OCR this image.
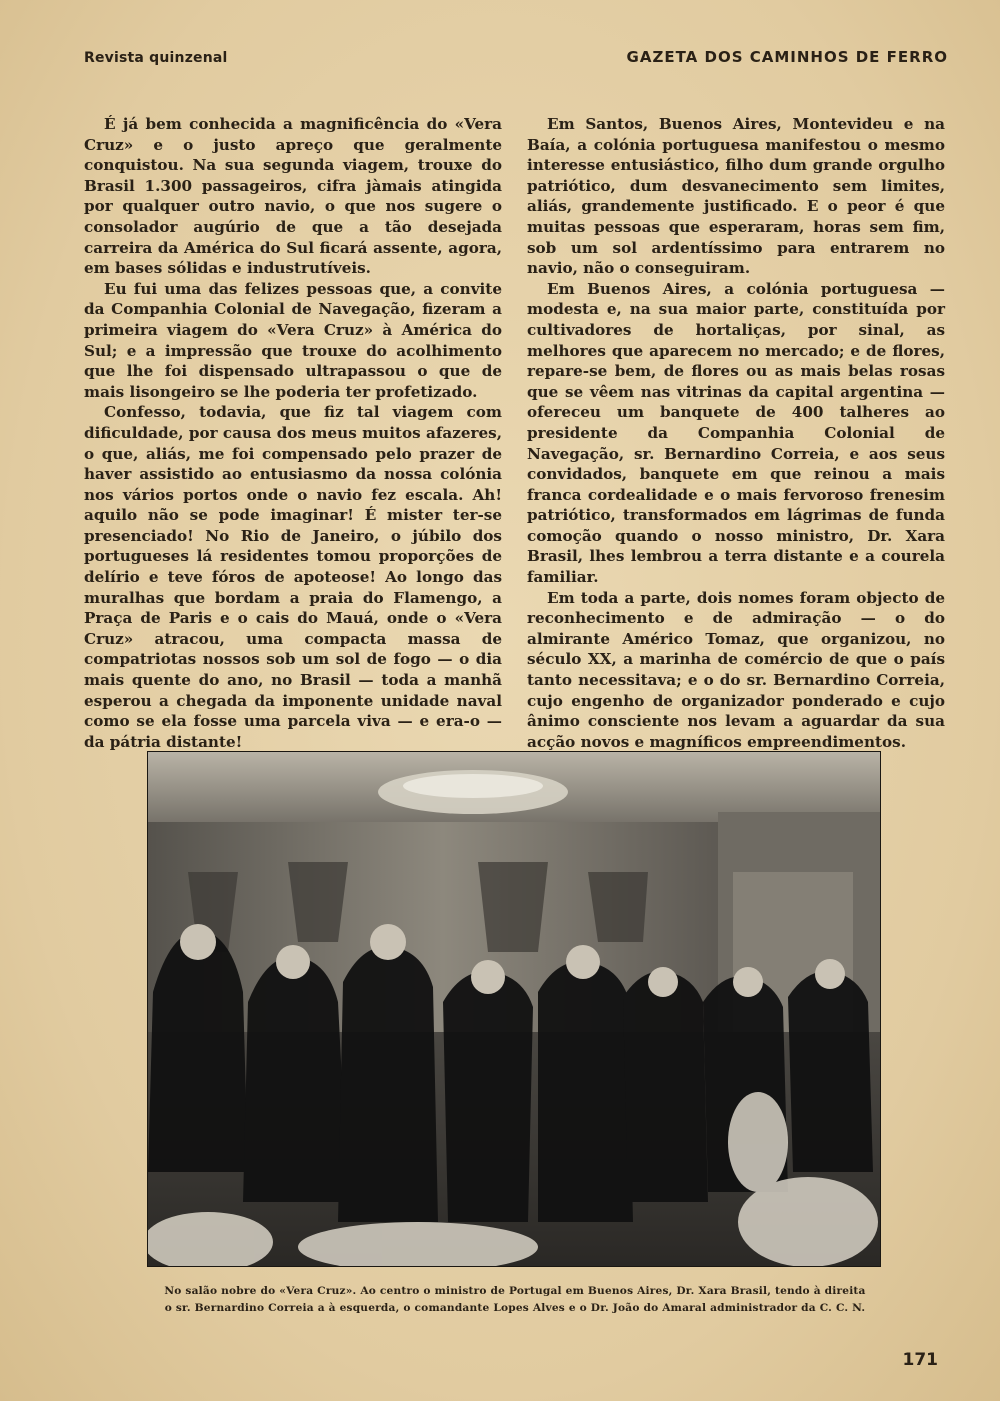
Revista quinzenal	GAZETA DOS CAMINHOS DE FERRO

É já bem conhecida a magnificência do «Vera Cruz» e o justo apreço que geralmente conquistou. Na sua segunda viagem, trouxe do Brasil 1.300 passageiros, cifra jàmais atingida por qualquer outro navio, o que nos sugere o consolador augúrio de que a tão desejada carreira da América do Sul ficará assente, agora, em bases sólidas e industrutíveis.

Eu fui uma das felizes pessoas que, a convite da Companhia Colonial de Navegação, fizeram a primeira viagem do «Vera Cruz» à América do Sul; e a impressão que trouxe do acolhimento que lhe foi dispensado ultrapassou o que de mais lisongeiro se lhe poderia ter profetizado.

Confesso, todavia, que fiz tal viagem com dificuldade, por causa dos meus muitos afazeres, o que, aliás, me foi compensado pelo prazer de haver assistido ao entusiasmo da nossa colónia nos vários portos onde o navio fez escala. Ah! aquilo não se pode imaginar! É mister ter-se presenciado! No Rio de Janeiro, o júbilo dos portugueses lá residentes tomou proporções de delírio e teve fóros de apoteose! Ao longo das muralhas que bordam a praia do Flamengo, a Praça de Paris e o cais do Mauá, onde o «Vera Cruz» atracou, uma compacta massa de compatriotas nossos sob um sol de fogo — o dia mais quente do ano, no Brasil — toda a manhã esperou a chegada da imponente unidade naval como se ela fosse uma parcela viva — e era-o — da pátria distante!

Em Santos, Buenos Aires, Montevideu e na Baía, a colónia portuguesa manifestou o mesmo interesse entusiástico, filho dum grande orgulho patriótico, dum desvanecimento sem limites, aliás, grandemente justificado. E o peor é que muitas pessoas que esperaram, horas sem fim, sob um sol ardentíssimo para entrarem no navio, não o conseguiram.

Em Buenos Aires, a colónia portuguesa — modesta e, na sua maior parte, constituída por cultivadores de hortaliças, por sinal, as melhores que aparecem no mercado; e de flores, repare-se bem, de flores ou as mais belas rosas que se vêem nas vitrinas da capital argentina — ofereceu um banquete de 400 talheres ao presidente da Companhia Colonial de Navegação, sr. Bernardino Correia, e aos seus convidados, banquete em que reinou a mais franca cordealidade e o mais fervoroso frenesim patriótico, transformados em lágrimas de funda comoção quando o nosso ministro, Dr. Xara Brasil, lhes lembrou a terra distante e a courela familiar.

Em toda a parte, dois nomes foram objecto de reconhecimento e de admiração — o do almirante Américo Tomaz, que organizou, no século XX, a marinha de comércio de que o país tanto necessitava; e o do sr. Bernardino Correia, cujo engenho de organizador ponderado e cujo ânimo consciente nos levam a aguardar da sua acção novos e magníficos empreendimentos.

No salão nobre do «Vera Cruz». Ao centro o ministro de Portugal em Buenos Aires, Dr. Xara Brasil, tendo à direita
o sr. Bernardino Correia a à esquerda, o comandante Lopes Alves e o Dr. João do Amaral administrador da C. C. N.
171
